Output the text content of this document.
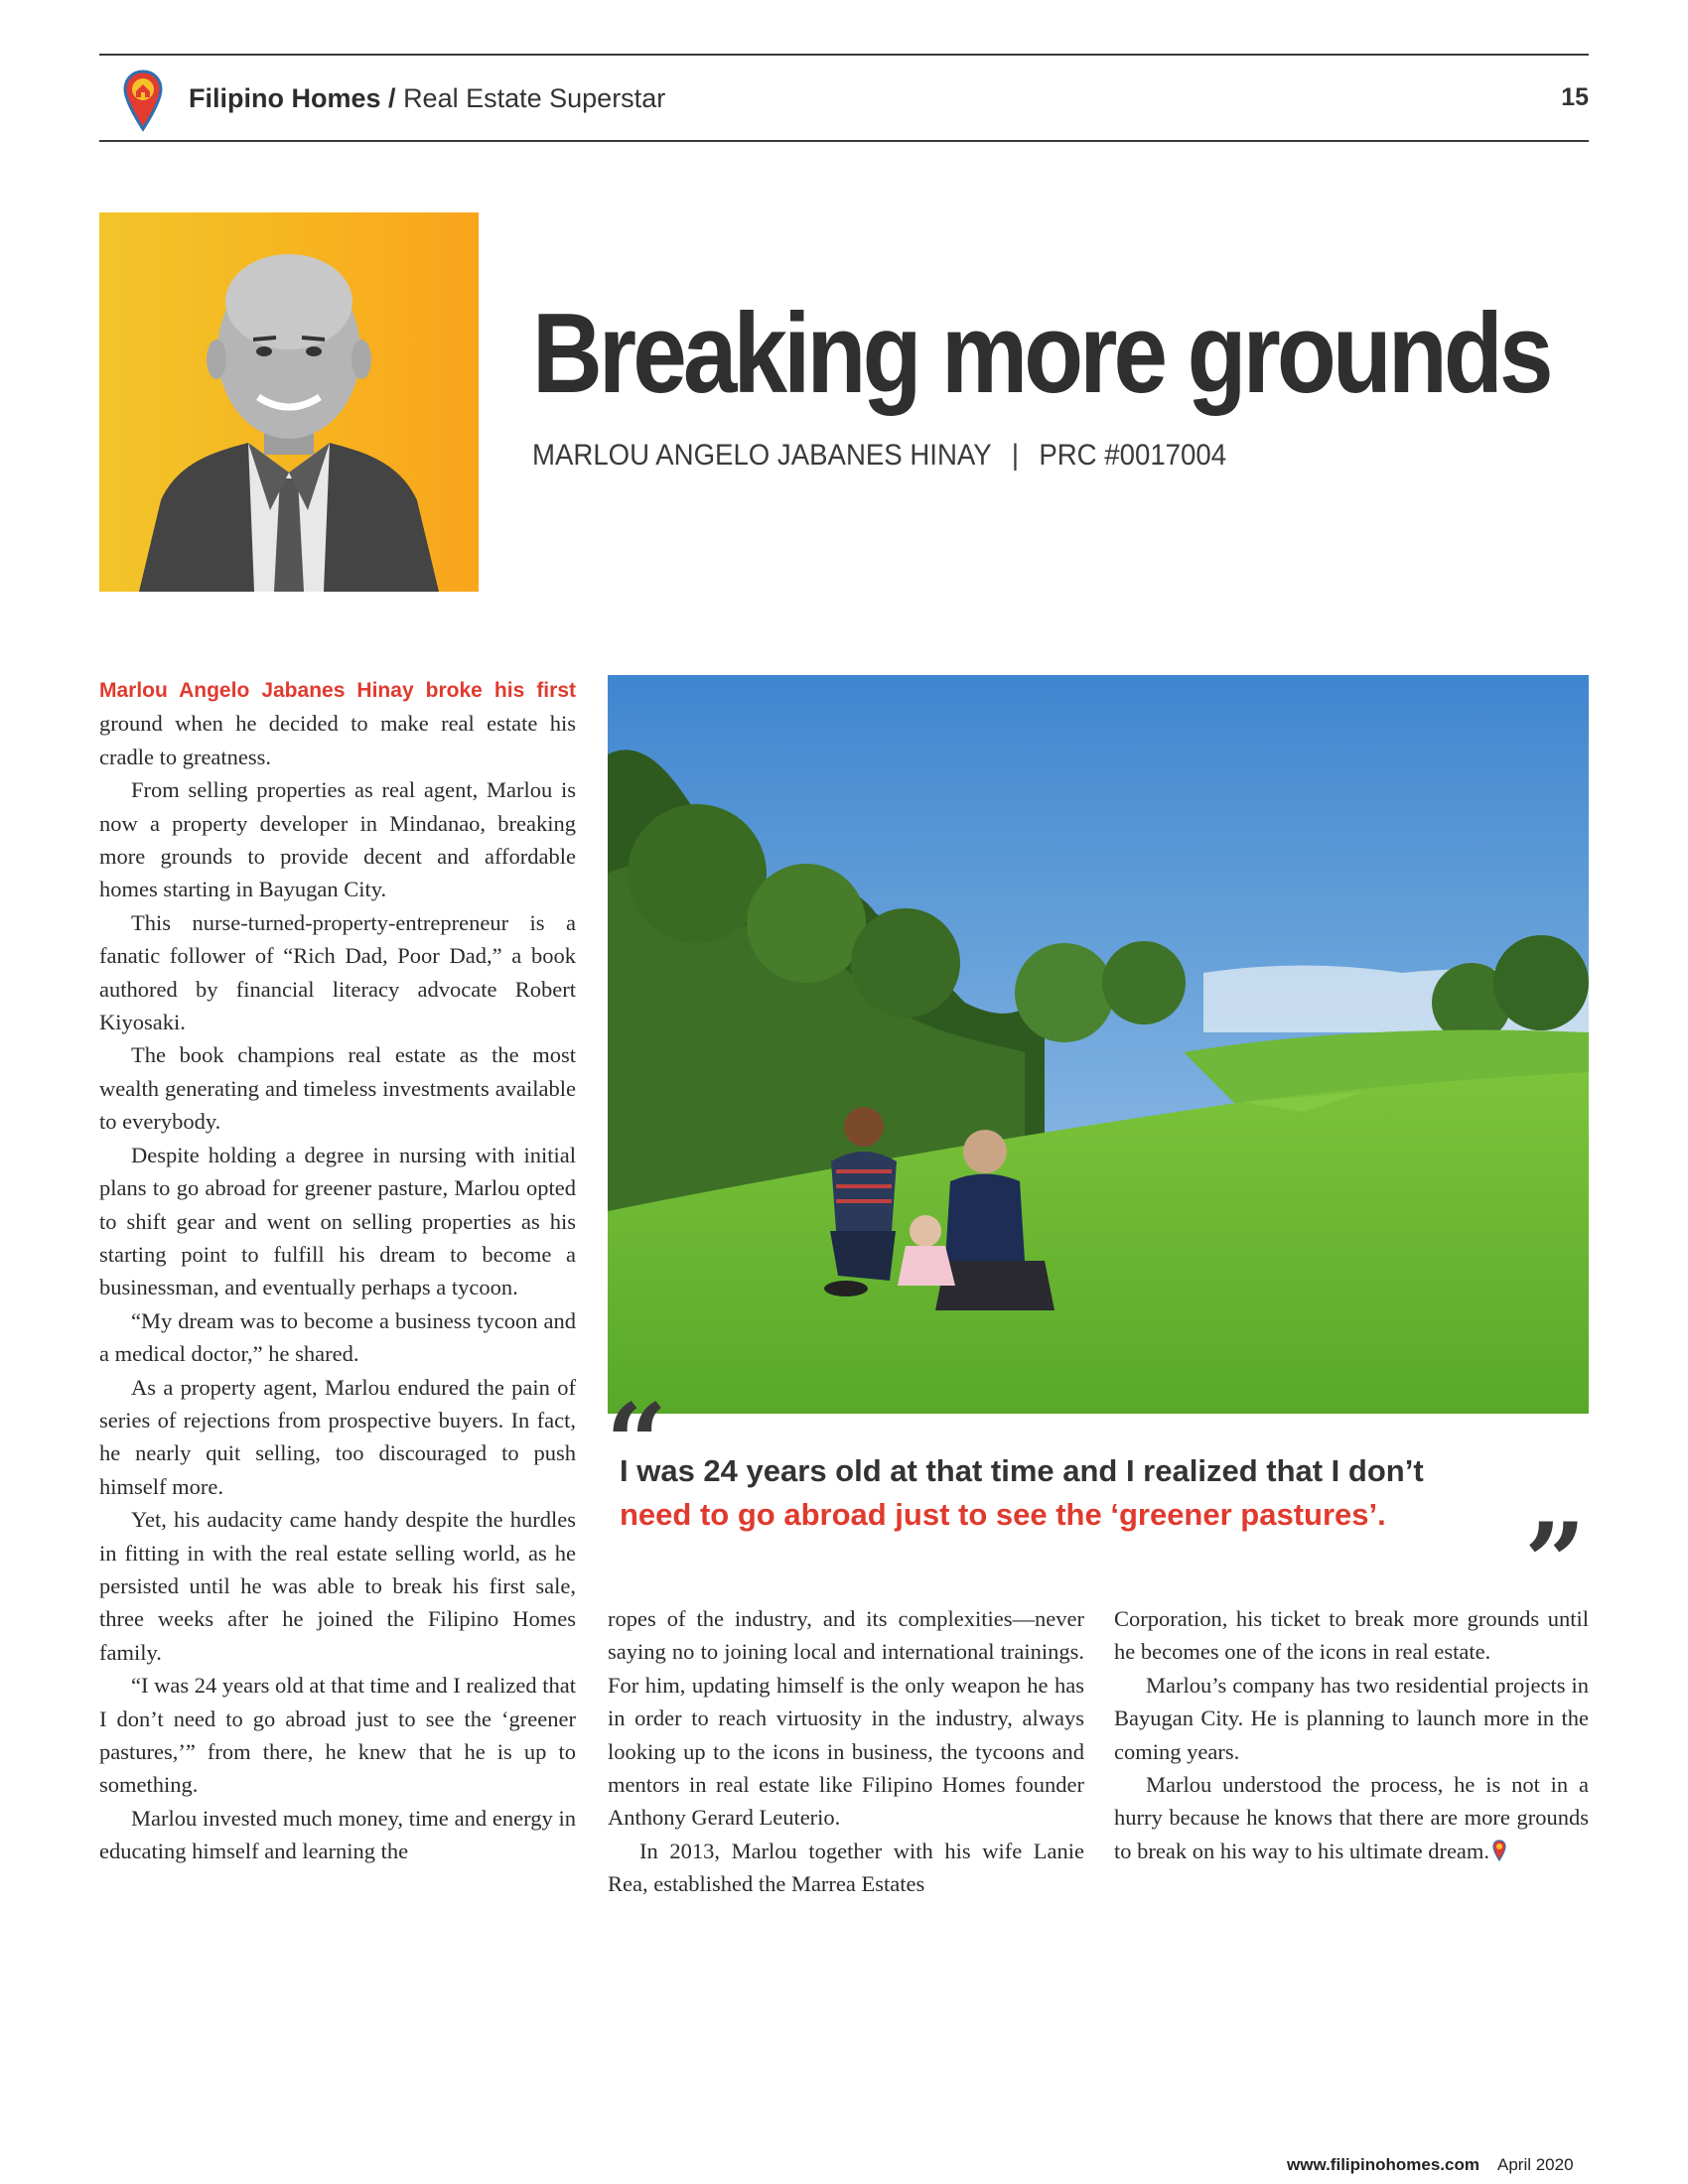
Filipino Homes / Real Estate Superstar	15
Breaking more grounds
MARLOU ANGELO JABANES HINAY | PRC #0017004

Marlou Angelo Jabanes Hinay broke his first ground when he decided to make real estate his cradle to greatness.

From selling properties as real agent, Marlou is now a property developer in Mindanao, breaking more grounds to provide decent and affordable homes starting in Bayugan City.

This nurse-turned-property-entrepreneur is a fanatic follower of “Rich Dad, Poor Dad,” a book authored by financial literacy advocate Robert Kiyosaki.

The book champions real estate as the most wealth generating and timeless investments available to everybody.

Despite holding a degree in nursing with initial plans to go abroad for greener pasture, Marlou opted to shift gear and went on selling properties as his starting point to fulfill his dream to become a businessman, and eventually perhaps a tycoon.

“My dream was to become a business tycoon and a medical doctor,” he shared.

As a property agent, Marlou endured the pain of series of rejections from prospective buyers. In fact, he nearly quit selling, too discouraged to push himself more.

Yet, his audacity came handy despite the hurdles in fitting in with the real estate selling world, as he persisted until he was able to break his first sale, three weeks after he joined the Filipino Homes family.

“I was 24 years old at that time and I realized that I don’t need to go abroad just to see the ‘greener pastures,’” from there, he knew that he is up to something.

Marlou invested much money, time and energy in educating himself and learning the

“
I was 24 years old at that time and I realized that I don’t
need to go abroad just to see the ‘greener pastures’.	”

ropes of the industry, and its complexities—never saying no to joining local and international trainings. For him, updating himself is the only weapon he has in order to reach virtuosity in the industry, always looking up to the icons in business, the tycoons and mentors in real estate like Filipino Homes founder Anthony Gerard Leuterio.

In 2013, Marlou together with his wife Lanie Rea, established the Marrea Estates

Corporation, his ticket to break more grounds until he becomes one of the icons in real estate.

Marlou’s company has two residential projects in Bayugan City. He is planning to launch more in the coming years.

Marlou understood the process, he is not in a hurry because he knows that there are more grounds to break on his way to his ultimate dream.

www.filipinohomes.com April 2020
